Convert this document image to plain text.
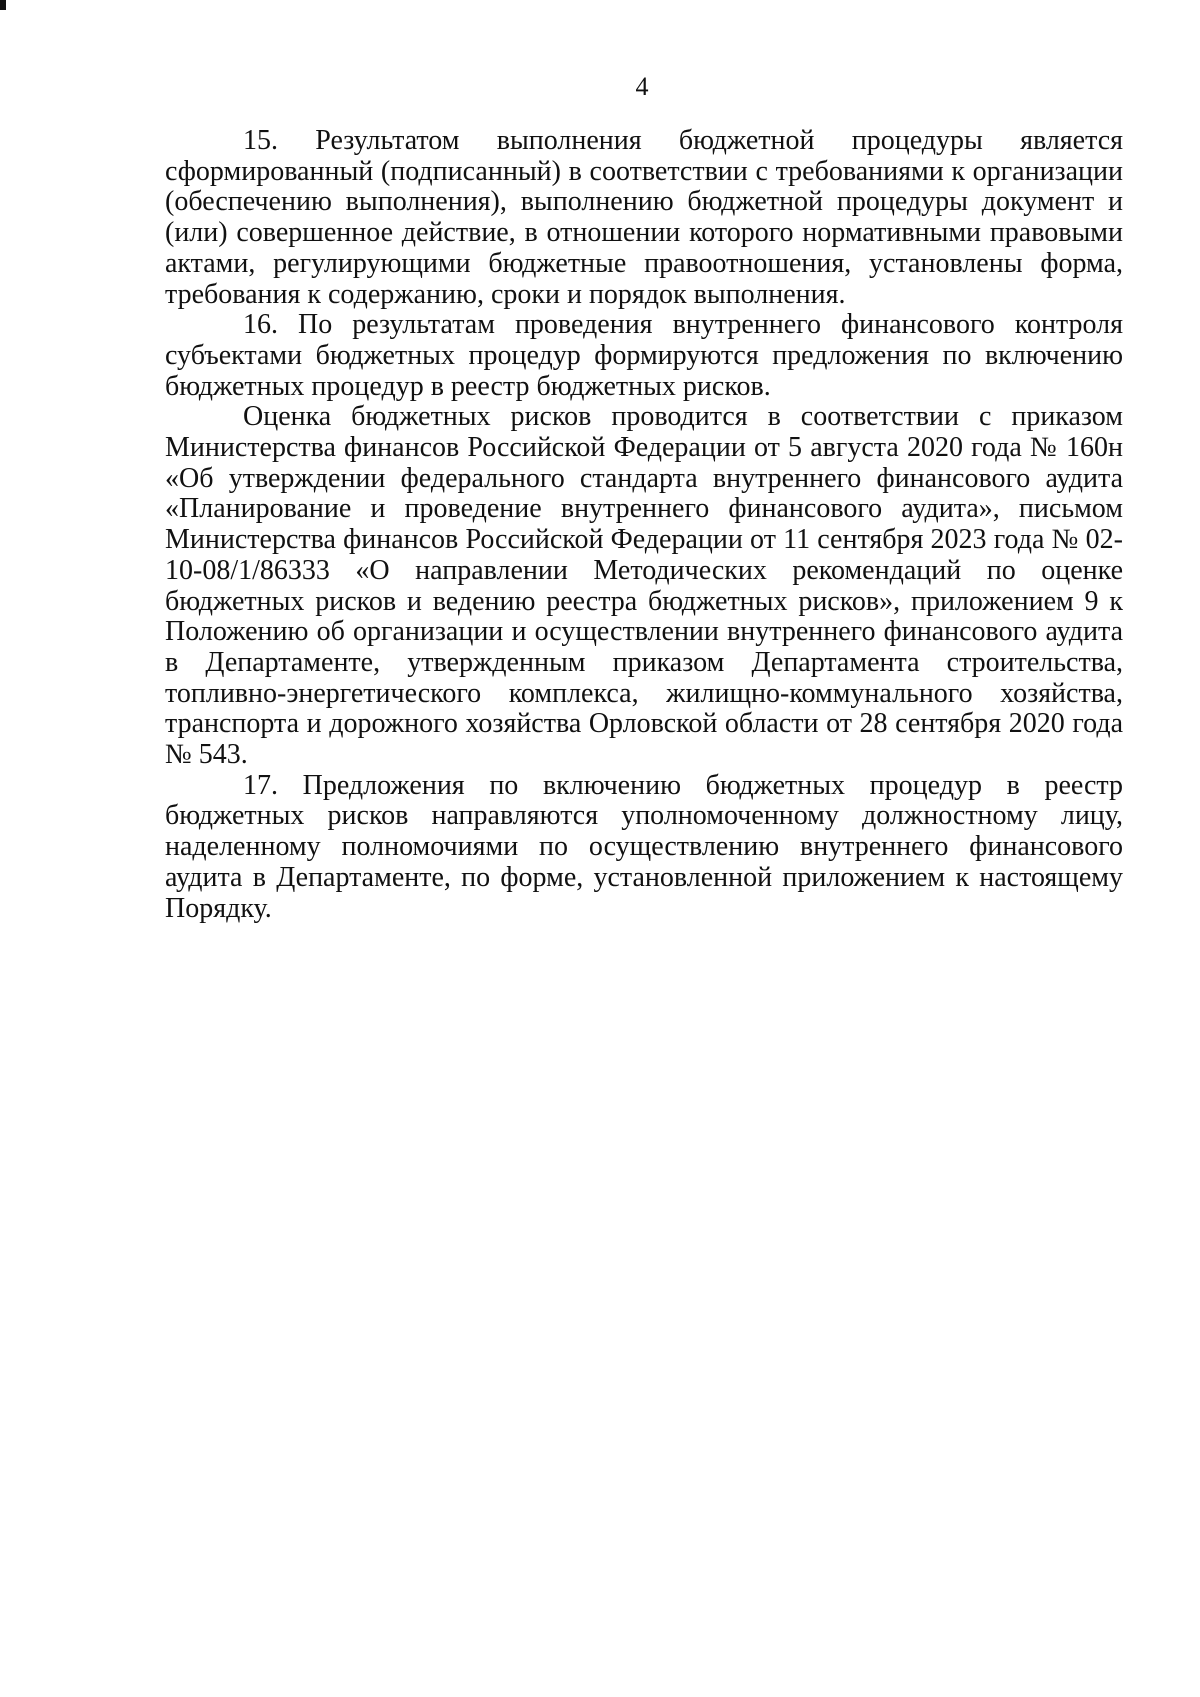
4

15. Результатом выполнения бюджетной процедуры является сформированный (подписанный) в соответствии с требованиями к организации (обеспечению выполнения), выполнению бюджетной процедуры документ и (или) совершенное действие, в отношении которого нормативными правовыми актами, регулирующими бюджетные правоотношения, установлены форма, требования к содержанию, сроки и порядок выполнения.

16. По результатам проведения внутреннего финансового контроля субъектами бюджетных процедур формируются предложения по включению бюджетных процедур в реестр бюджетных рисков.

Оценка бюджетных рисков проводится в соответствии с приказом Министерства финансов Российской Федерации от 5 августа 2020 года № 160н «Об утверждении федерального стандарта внутреннего финансового аудита «Планирование и проведение внутреннего финансового аудита», письмом Министерства финансов Российской Федерации от 11 сентября 2023 года № 02-10-08/1/86333 «О направлении Методических рекомендаций по оценке бюджетных рисков и ведению реестра бюджетных рисков», приложением 9 к Положению об организации и осуществлении внутреннего финансового аудита в Департаменте, утвержденным приказом Департамента строительства, топливно-энергетического комплекса, жилищно-коммунального хозяйства, транспорта и дорожного хозяйства Орловской области от 28 сентября 2020 года № 543.

17. Предложения по включению бюджетных процедур в реестр бюджетных рисков направляются уполномоченному должностному лицу, наделенному полномочиями по осуществлению внутреннего финансового аудита в Департаменте, по форме, установленной приложением к настоящему Порядку.
